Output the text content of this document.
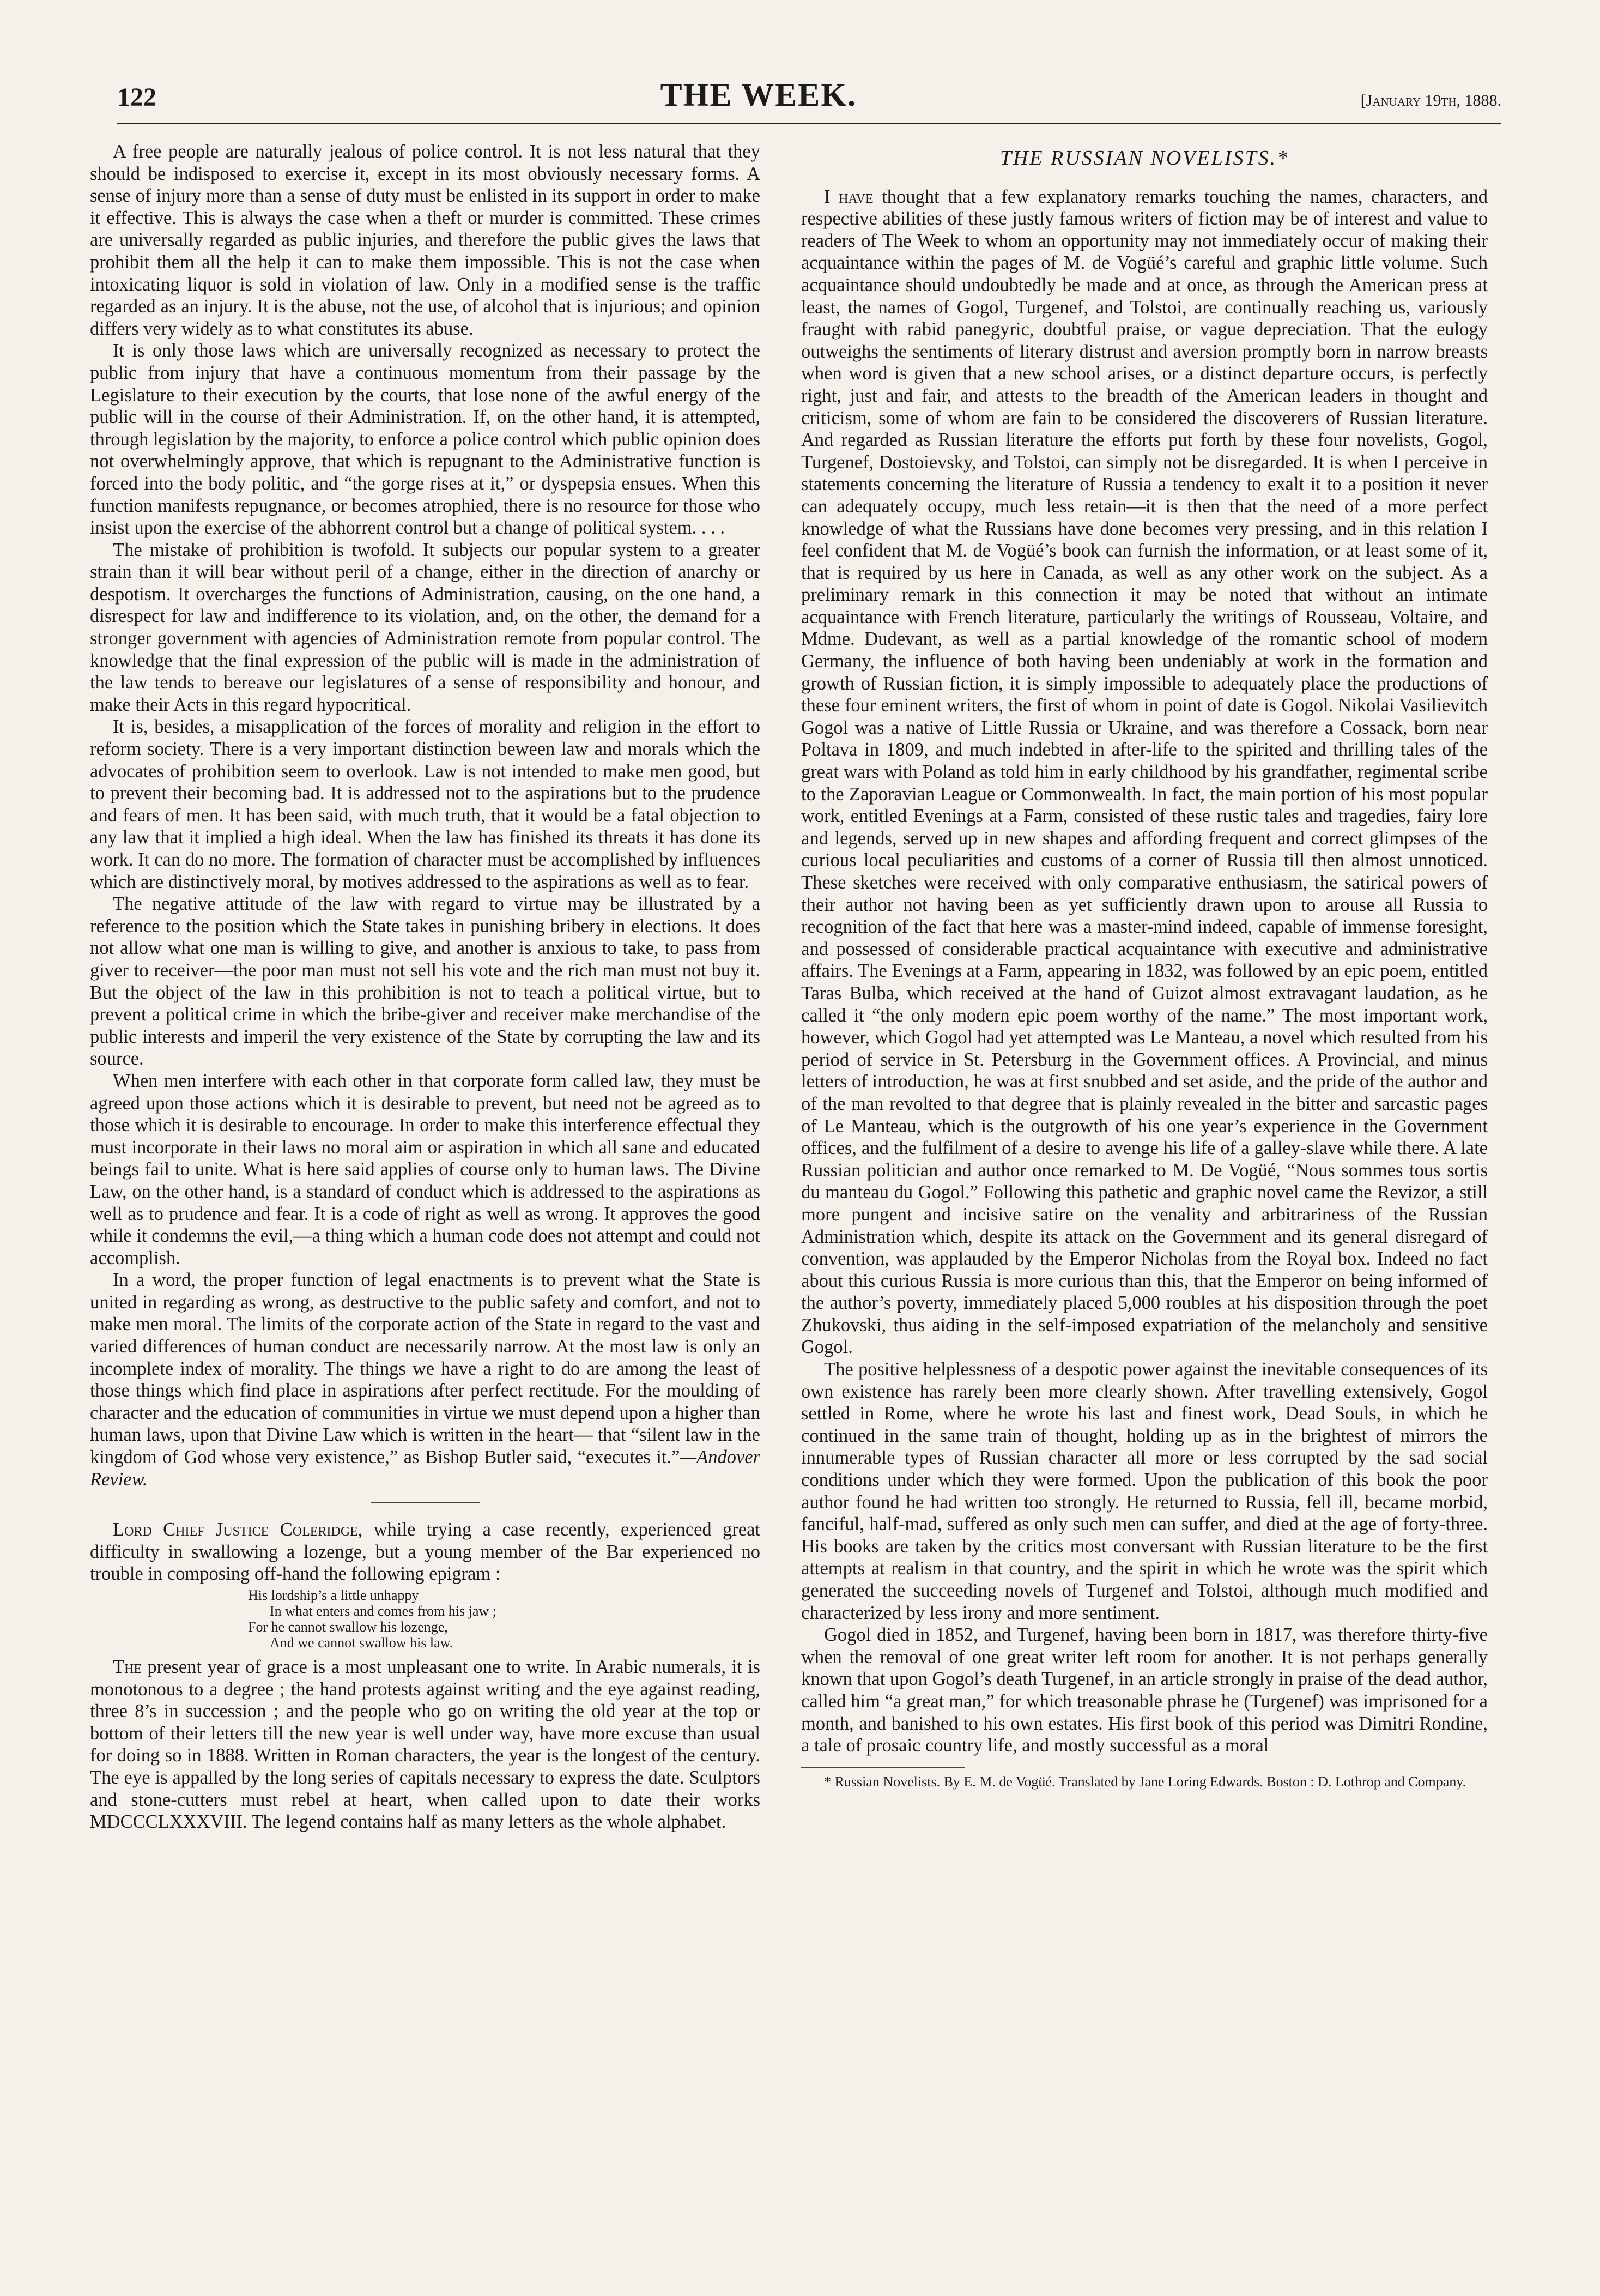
122	THE WEEK.	[January 19th, 1888.

A free people are naturally jealous of police control. It is not less natural that they should be indisposed to exercise it, except in its most obviously necessary forms. A sense of injury more than a sense of duty must be enlisted in its support in order to make it effective. This is always the case when a theft or murder is committed. These crimes are universally regarded as public injuries, and therefore the public gives the laws that prohibit them all the help it can to make them impossible. This is not the case when intoxicating liquor is sold in violation of law. Only in a modified sense is the traffic regarded as an injury. It is the abuse, not the use, of alcohol that is injurious; and opinion differs very widely as to what constitutes its abuse.

It is only those laws which are universally recognized as necessary to protect the public from injury that have a continuous momentum from their passage by the Legislature to their execution by the courts, that lose none of the awful energy of the public will in the course of their Administration. If, on the other hand, it is attempted, through legislation by the majority, to enforce a police control which public opinion does not overwhelmingly approve, that which is repugnant to the Administrative function is forced into the body politic, and “the gorge rises at it,” or dyspepsia ensues. When this function manifests repugnance, or becomes atrophied, there is no resource for those who insist upon the exercise of the abhorrent control but a change of political system. . . .

The mistake of prohibition is twofold. It subjects our popular system to a greater strain than it will bear without peril of a change, either in the direction of anarchy or despotism. It overcharges the functions of Administration, causing, on the one hand, a disrespect for law and indifference to its violation, and, on the other, the demand for a stronger government with agencies of Administration remote from popular control. The knowledge that the final expression of the public will is made in the administration of the law tends to bereave our legislatures of a sense of responsibility and honour, and make their Acts in this regard hypocritical.

It is, besides, a misapplication of the forces of morality and religion in the effort to reform society. There is a very important distinction beween law and morals which the advocates of prohibition seem to overlook. Law is not intended to make men good, but to prevent their becoming bad. It is addressed not to the aspirations but to the prudence and fears of men. It has been said, with much truth, that it would be a fatal objection to any law that it implied a high ideal. When the law has finished its threats it has done its work. It can do no more. The formation of character must be accomplished by influences which are distinctively moral, by motives addressed to the aspirations as well as to fear.

The negative attitude of the law with regard to virtue may be illustrated by a reference to the position which the State takes in punishing bribery in elections. It does not allow what one man is willing to give, and another is anxious to take, to pass from giver to receiver—the poor man must not sell his vote and the rich man must not buy it. But the object of the law in this prohibition is not to teach a political virtue, but to prevent a political crime in which the bribe-giver and receiver make merchandise of the public interests and imperil the very existence of the State by corrupting the law and its source.

When men interfere with each other in that corporate form called law, they must be agreed upon those actions which it is desirable to prevent, but need not be agreed as to those which it is desirable to encourage. In order to make this interference effectual they must incorporate in their laws no moral aim or aspiration in which all sane and educated beings fail to unite. What is here said applies of course only to human laws. The Divine Law, on the other hand, is a standard of conduct which is addressed to the aspirations as well as to prudence and fear. It is a code of right as well as wrong. It approves the good while it condemns the evil,—a thing which a human code does not attempt and could not accomplish.

In a word, the proper function of legal enactments is to prevent what the State is united in regarding as wrong, as destructive to the public safety and comfort, and not to make men moral. The limits of the corporate action of the State in regard to the vast and varied differences of human conduct are necessarily narrow. At the most law is only an incomplete index of morality. The things we have a right to do are among the least of those things which find place in aspirations after perfect rectitude. For the moulding of character and the education of communities in virtue we must depend upon a higher than human laws, upon that Divine Law which is written in the heart— that “silent law in the kingdom of God whose very existence,” as Bishop Butler said, “executes it.”—Andover Review.

Lord Chief Justice Coleridge, while trying a case recently, experienced great difficulty in swallowing a lozenge, but a young member of the Bar experienced no trouble in composing off-hand the following epigram :

His lordship’s a little unhappy
In what enters and comes from his jaw ;
For he cannot swallow his lozenge,
And we cannot swallow his law.

The present year of grace is a most unpleasant one to write. In Arabic numerals, it is monotonous to a degree ; the hand protests against writing and the eye against reading, three 8’s in succession ; and the people who go on writing the old year at the top or bottom of their letters till the new year is well under way, have more excuse than usual for doing so in 1888. Written in Roman characters, the year is the longest of the century. The eye is appalled by the long series of capitals necessary to express the date. Sculptors and stone-cutters must rebel at heart, when called upon to date their works MDCCCLXXXVIII. The legend contains half as many letters as the whole alphabet.

THE RUSSIAN NOVELISTS.*

I have thought that a few explanatory remarks touching the names, characters, and respective abilities of these justly famous writers of fiction may be of interest and value to readers of The Week to whom an opportunity may not immediately occur of making their acquaintance within the pages of M. de Vogüé’s careful and graphic little volume. Such acquaintance should undoubtedly be made and at once, as through the American press at least, the names of Gogol, Turgenef, and Tolstoi, are continually reaching us, variously fraught with rabid panegyric, doubtful praise, or vague depreciation. That the eulogy outweighs the sentiments of literary distrust and aversion promptly born in narrow breasts when word is given that a new school arises, or a distinct departure occurs, is perfectly right, just and fair, and attests to the breadth of the American leaders in thought and criticism, some of whom are fain to be considered the discoverers of Russian literature. And regarded as Russian literature the efforts put forth by these four novelists, Gogol, Turgenef, Dostoievsky, and Tolstoi, can simply not be disregarded. It is when I perceive in statements concerning the literature of Russia a tendency to exalt it to a position it never can adequately occupy, much less retain—it is then that the need of a more perfect knowledge of what the Russians have done becomes very pressing, and in this relation I feel confident that M. de Vogüé’s book can furnish the information, or at least some of it, that is required by us here in Canada, as well as any other work on the subject. As a preliminary remark in this connection it may be noted that without an intimate acquaintance with French literature, particularly the writings of Rousseau, Voltaire, and Mdme. Dudevant, as well as a partial knowledge of the romantic school of modern Germany, the influence of both having been undeniably at work in the formation and growth of Russian fiction, it is simply impossible to adequately place the productions of these four eminent writers, the first of whom in point of date is Gogol. Nikolai Vasilievitch Gogol was a native of Little Russia or Ukraine, and was therefore a Cossack, born near Poltava in 1809, and much indebted in after-life to the spirited and thrilling tales of the great wars with Poland as told him in early childhood by his grandfather, regimental scribe to the Zaporavian League or Commonwealth. In fact, the main portion of his most popular work, entitled Evenings at a Farm, consisted of these rustic tales and tragedies, fairy lore and legends, served up in new shapes and affording frequent and correct glimpses of the curious local peculiarities and customs of a corner of Russia till then almost unnoticed. These sketches were received with only comparative enthusiasm, the satirical powers of their author not having been as yet sufficiently drawn upon to arouse all Russia to recognition of the fact that here was a master-mind indeed, capable of immense foresight, and possessed of considerable practical acquaintance with executive and administrative affairs. The Evenings at a Farm, appearing in 1832, was followed by an epic poem, entitled Taras Bulba, which received at the hand of Guizot almost extravagant laudation, as he called it “the only modern epic poem worthy of the name.” The most important work, however, which Gogol had yet attempted was Le Manteau, a novel which resulted from his period of service in St. Petersburg in the Government offices. A Provincial, and minus letters of introduction, he was at first snubbed and set aside, and the pride of the author and of the man revolted to that degree that is plainly revealed in the bitter and sarcastic pages of Le Manteau, which is the outgrowth of his one year’s experience in the Government offices, and the fulfilment of a desire to avenge his life of a galley-slave while there. A late Russian politician and author once remarked to M. De Vogüé, “Nous sommes tous sortis du manteau du Gogol.” Following this pathetic and graphic novel came the Revizor, a still more pungent and incisive satire on the venality and arbitrariness of the Russian Administration which, despite its attack on the Government and its general disregard of convention, was applauded by the Emperor Nicholas from the Royal box. Indeed no fact about this curious Russia is more curious than this, that the Emperor on being informed of the author’s poverty, immediately placed 5,000 roubles at his disposition through the poet Zhukovski, thus aiding in the self-imposed expatriation of the melancholy and sensitive Gogol.

The positive helplessness of a despotic power against the inevitable consequences of its own existence has rarely been more clearly shown. After travelling extensively, Gogol settled in Rome, where he wrote his last and finest work, Dead Souls, in which he continued in the same train of thought, holding up as in the brightest of mirrors the innumerable types of Russian character all more or less corrupted by the sad social conditions under which they were formed. Upon the publication of this book the poor author found he had written too strongly. He returned to Russia, fell ill, became morbid, fanciful, half-mad, suffered as only such men can suffer, and died at the age of forty-three. His books are taken by the critics most conversant with Russian literature to be the first attempts at realism in that country, and the spirit in which he wrote was the spirit which generated the succeeding novels of Turgenef and Tolstoi, although much modified and characterized by less irony and more sentiment.

Gogol died in 1852, and Turgenef, having been born in 1817, was therefore thirty-five when the removal of one great writer left room for another. It is not perhaps generally known that upon Gogol’s death Turgenef, in an article strongly in praise of the dead author, called him “a great man,” for which treasonable phrase he (Turgenef) was imprisoned for a month, and banished to his own estates. His first book of this period was Dimitri Rondine, a tale of prosaic country life, and mostly successful as a moral

* Russian Novelists. By E. M. de Vogüé. Translated by Jane Loring Edwards. Boston : D. Lothrop and Company.
